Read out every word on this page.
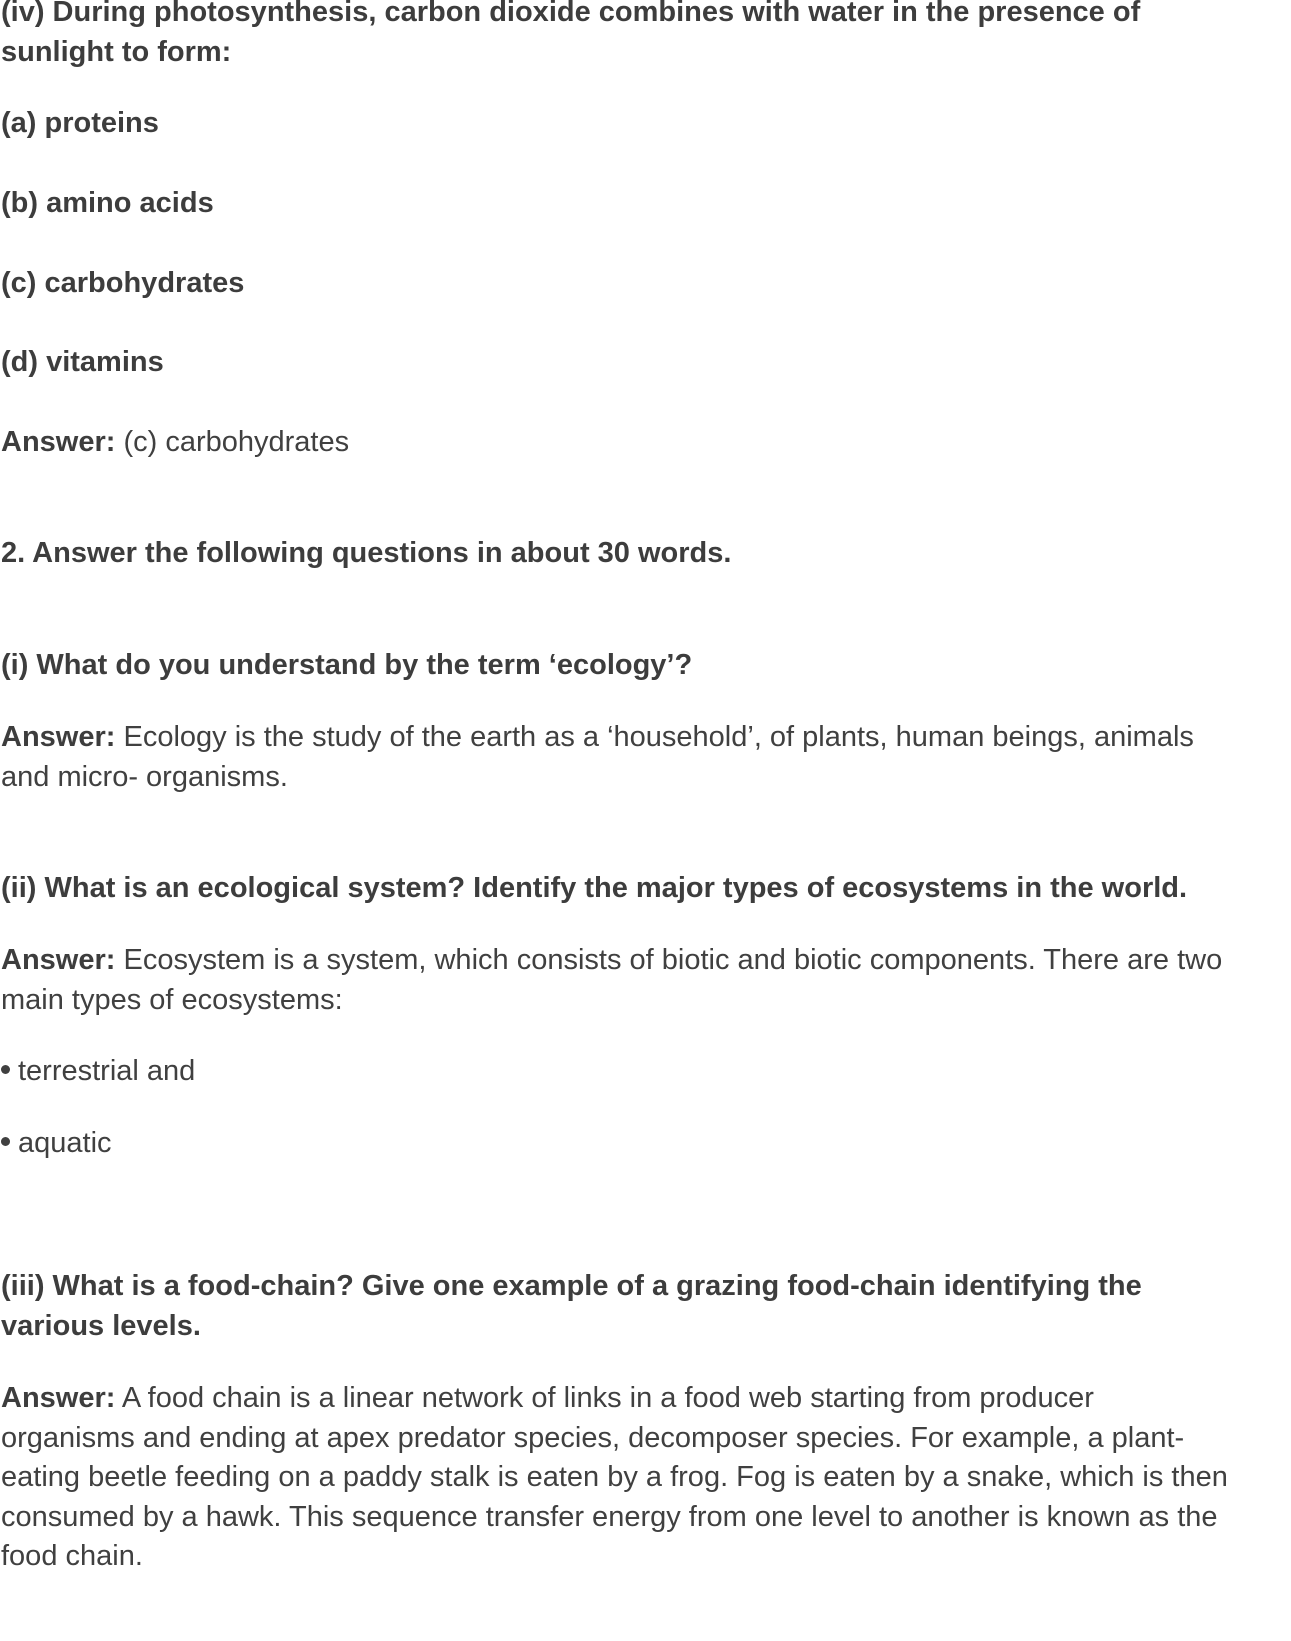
(iv) During photosynthesis, carbon dioxide combines with water in the presence of

sunlight to form:

(a) proteins

(b) amino acids

(c) carbohydrates

(d) vitamins

Answer: (c) carbohydrates

2. Answer the following questions in about 30 words.

(i) What do you understand by the term ‘ecology’?

Answer: Ecology is the study of the earth as a ‘household’, of plants, human beings, animals

and micro- organisms.

(ii) What is an ecological system? Identify the major types of ecosystems in the world.

Answer: Ecosystem is a system, which consists of biotic and biotic components. There are two

main types of ecosystems:

terrestrial and

aquatic

(iii) What is a food-chain? Give one example of a grazing food-chain identifying the

various levels.

Answer: A food chain is a linear network of links in a food web starting from producer

organisms and ending at apex predator species, decomposer species. For example, a plant-

eating beetle feeding on a paddy stalk is eaten by a frog. Fog is eaten by a snake, which is then

consumed by a hawk. This sequence transfer energy from one level to another is known as the

food chain.
